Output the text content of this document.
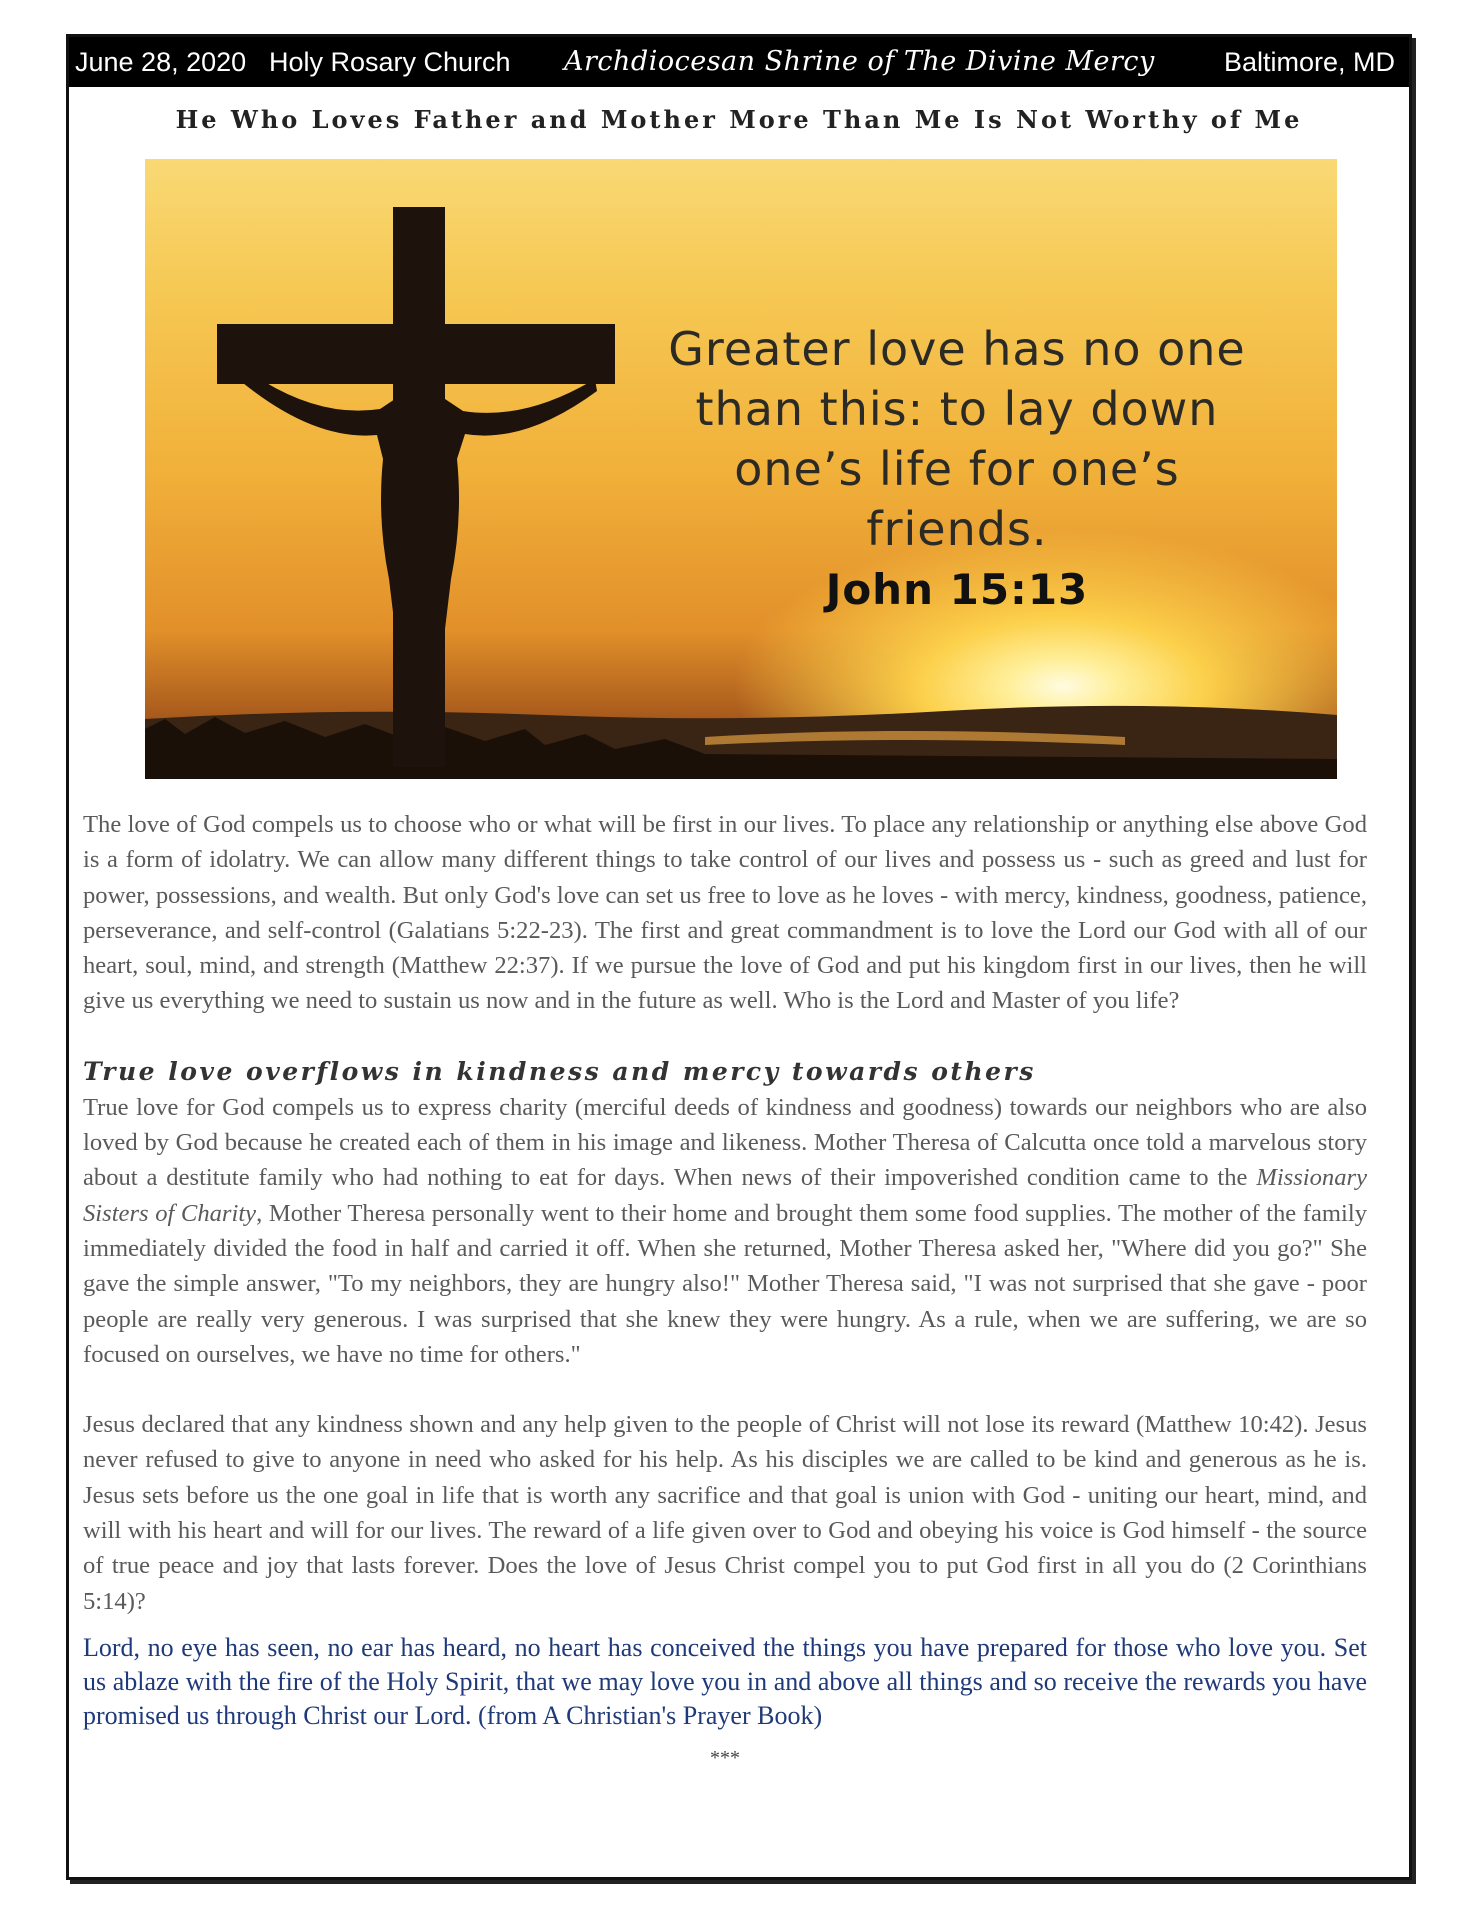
June 28, 2020 Holy Rosary Church Archdiocesan Shrine of The Divine Mercy	Baltimore, MD
He Who Loves Father and Mother More Than Me Is Not Worthy of Me
Greater love has no one
than this: to lay down
one’s life for one’s
friends.
John 15:13

The love of God compels us to choose who or what will be first in our lives. To place any relationship or anything else above God is a form of idolatry. We can allow many different things to take control of our lives and possess us - such as greed and lust for power, possessions, and wealth. But only God's love can set us free to love as he loves - with mercy, kindness, goodness, patience, perseverance, and self-control (Galatians 5:22-23). The first and great commandment is to love the Lord our God with all of our heart, soul, mind, and strength (Matthew 22:37). If we pursue the love of God and put his kingdom first in our lives, then he will give us everything we need to sustain us now and in the future as well. Who is the Lord and Master of you life?

True love overflows in kindness and mercy towards others

True love for God compels us to express charity (merciful deeds of kindness and goodness) towards our neighbors who are also loved by God because he created each of them in his image and likeness. Mother Theresa of Calcutta once told a marvelous story about a destitute family who had nothing to eat for days. When news of their impoverished condition came to the Missionary Sisters of Charity, Mother Theresa personally went to their home and brought them some food supplies. The mother of the family immediately divided the food in half and carried it off. When she returned, Mother Theresa asked her, "Where did you go?" She gave the simple answer, "To my neighbors, they are hungry also!" Mother Theresa said, "I was not surprised that she gave - poor people are really very generous. I was surprised that she knew they were hungry. As a rule, when we are suffering, we are so focused on ourselves, we have no time for others."

Jesus declared that any kindness shown and any help given to the people of Christ will not lose its reward (Matthew 10:42). Jesus never refused to give to anyone in need who asked for his help. As his disciples we are called to be kind and generous as he is. Jesus sets before us the one goal in life that is worth any sacrifice and that goal is union with God - uniting our heart, mind, and will with his heart and will for our lives. The reward of a life given over to God and obeying his voice is God himself - the source of true peace and joy that lasts forever. Does the love of Jesus Christ compel you to put God first in all you do (2 Corinthians 5:14)?

Lord, no eye has seen, no ear has heard, no heart has conceived the things you have prepared for those who love you. Set us ablaze with the fire of the Holy Spirit, that we may love you in and above all things and so receive the rewards you have promised us through Christ our Lord. (from A Christian's Prayer Book)

***
